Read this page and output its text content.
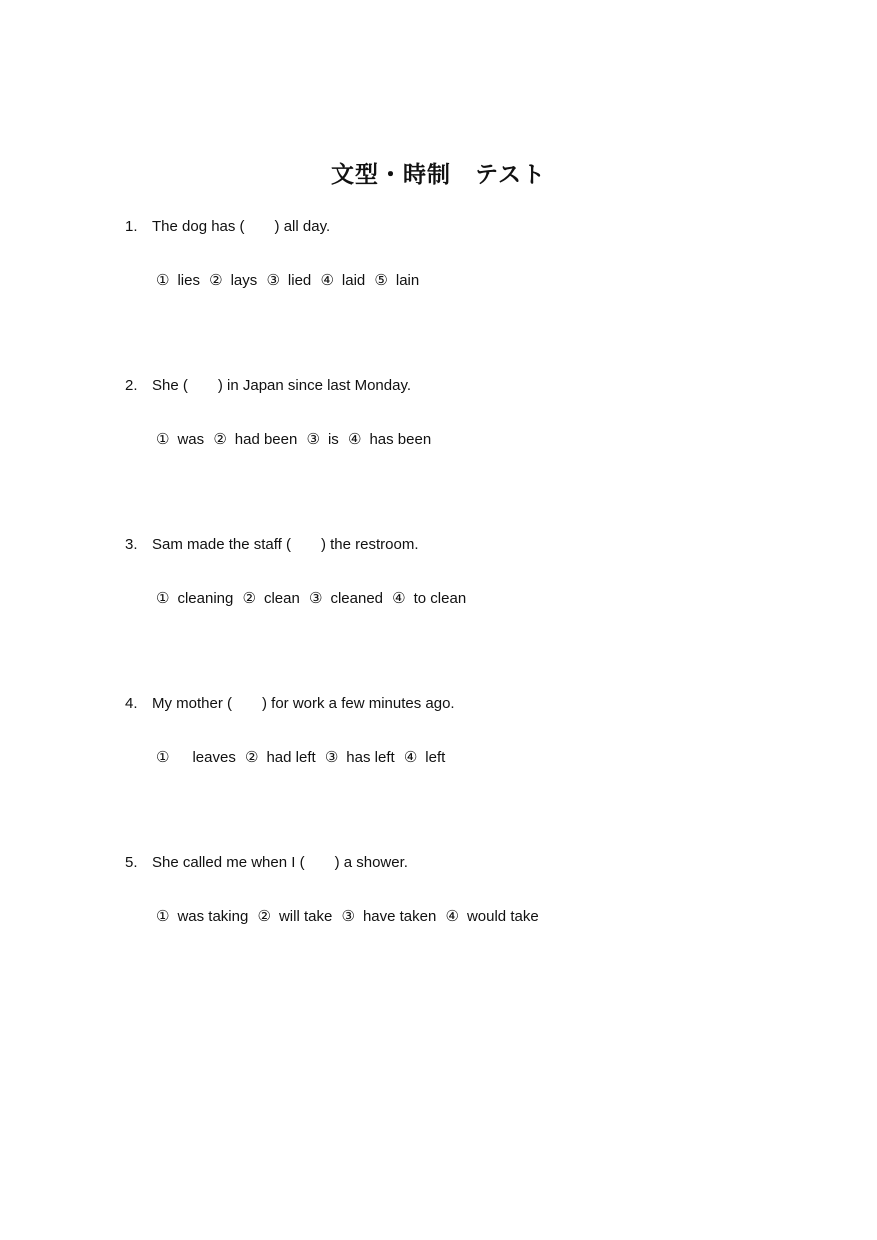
文型・時制　テスト
1. The dog has (　　) all day.
① lies ② lays ③ lied ④ laid ⑤ lain
2. She (　　) in Japan since last Monday.
① was ② had been ③ is ④ has been
3. Sam made the staff (　　) the restroom.
① cleaning ② clean ③ cleaned ④ to clean
4. My mother (　　) for work a few minutes ago.
①　leaves ② had left ③ has left ④ left
5. She called me when I (　　) a shower.
① was taking ② will take ③ have taken ④ would take
